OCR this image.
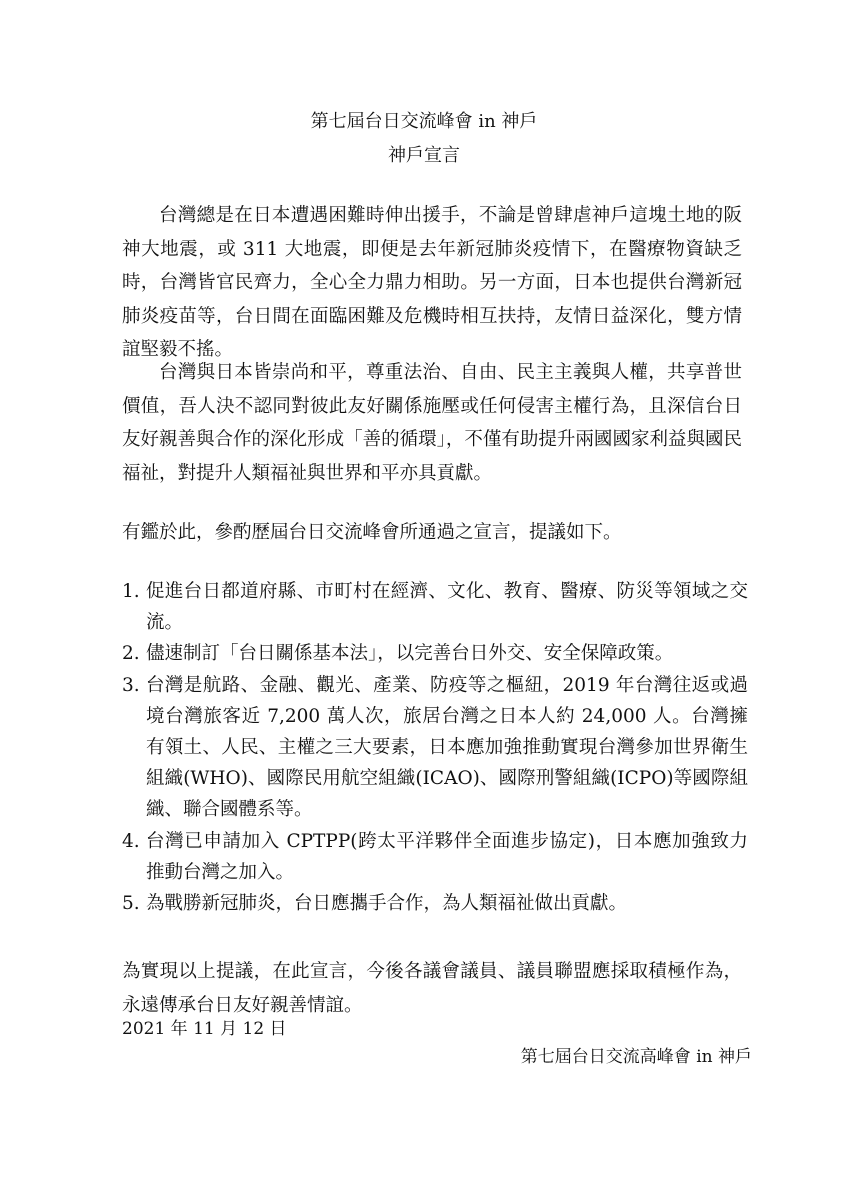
第七屆台日交流峰會 in 神戶
神戶宣言

台灣總是在日本遭遇困難時伸出援手，不論是曾肆虐神戶這塊土地的阪神大地震，或 311 大地震，即便是去年新冠肺炎疫情下，在醫療物資缺乏時，台灣皆官民齊力，全心全力鼎力相助。另一方面，日本也提供台灣新冠肺炎疫苗等，台日間在面臨困難及危機時相互扶持，友情日益深化，雙方情誼堅毅不搖。

台灣與日本皆崇尚和平，尊重法治、自由、民主主義與人權，共享普世價值，吾人決不認同對彼此友好關係施壓或任何侵害主權行為，且深信台日友好親善與合作的深化形成「善的循環」，不僅有助提升兩國國家利益與國民福祉，對提升人類福祉與世界和平亦具貢獻。

有鑑於此，參酌歷屆台日交流峰會所通過之宣言，提議如下。

1. 促進台日都道府縣、市町村在經濟、文化、教育、醫療、防災等領域之交流。
2. 儘速制訂「台日關係基本法」，以完善台日外交、安全保障政策。
3. 台灣是航路、金融、觀光、產業、防疫等之樞紐，2019 年台灣往返或過境台灣旅客近 7,200 萬人次，旅居台灣之日本人約 24,000 人。台灣擁有領土、人民、主權之三大要素，日本應加強推動實現台灣參加世界衛生組織(WHO)、國際民用航空組織(ICAO)、國際刑警組織(ICPO)等國際組織、聯合國體系等。
4. 台灣已申請加入 CPTPP(跨太平洋夥伴全面進步協定)，日本應加強致力推動台灣之加入。
5. 為戰勝新冠肺炎，台日應攜手合作，為人類福祉做出貢獻。

為實現以上提議，在此宣言，今後各議會議員、議員聯盟應採取積極作為，永遠傳承台日友好親善情誼。

2021 年 11 月 12 日
第七屆台日交流高峰會 in 神戶
